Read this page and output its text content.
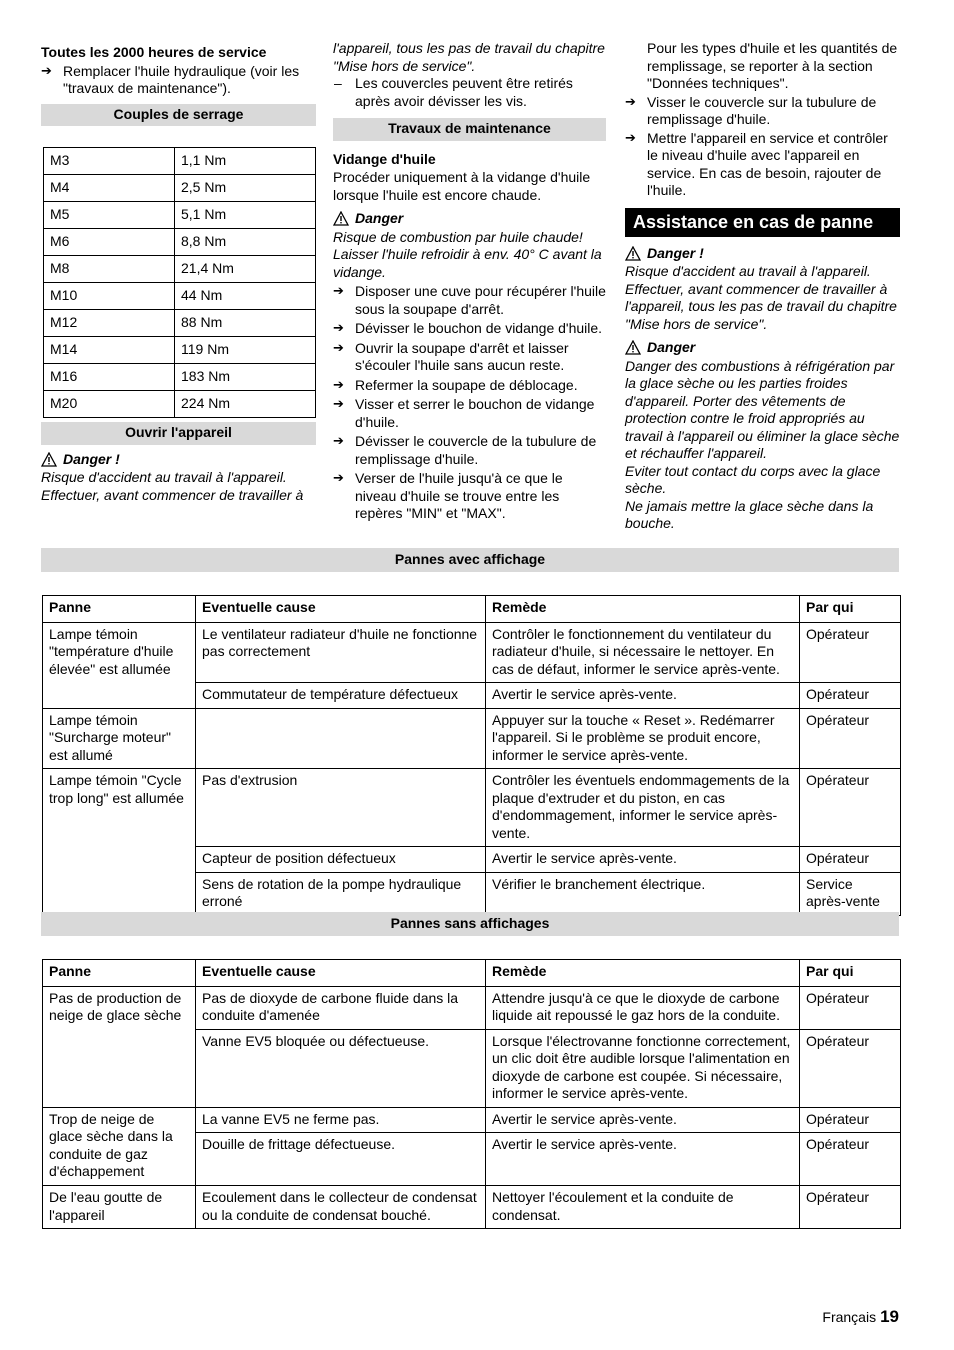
Toutes les 2000 heures de service

➔ Remplacer l'huile hydraulique (voir les "travaux de maintenance").

Couples de serrage
M3	1,1 Nm
M4	2,5 Nm
M5	5,1 Nm
M6	8,8 Nm
M8	21,4 Nm
M10	44 Nm
M12	88 Nm
M14	119 Nm
M16	183 Nm
M20	224 Nm
Ouvrir l'appareil
Danger !

Risque d'accident au travail à l'appareil. Effectuer, avant commencer de travailler à

l'appareil, tous les pas de travail du chapitre "Mise hors de service".

– Les couvercles peuvent être retirés après avoir dévisser les vis.

Travaux de maintenance

Vidange d'huile

Procéder uniquement à la vidange d'huile lorsque l'huile est encore chaude.

Danger

Risque de combustion par huile chaude! Laisser l'huile refroidir à env. 40° C avant la vidange.

➔ Disposer une cuve pour récupérer l'huile sous la soupape d'arrêt.

➔ Dévisser le bouchon de vidange d'huile.

➔ Ouvrir la soupape d'arrêt et laisser s'écouler l'huile sans aucun reste.

➔ Refermer la soupape de déblocage.

➔ Visser et serrer le bouchon de vidange d'huile.

➔ Dévisser le couvercle de la tubulure de remplissage d'huile.

➔ Verser de l'huile jusqu'à ce que le niveau d'huile se trouve entre les repères "MIN" et "MAX".

Pour les types d'huile et les quantités de remplissage, se reporter à la section "Données techniques".

➔ Visser le couvercle sur la tubulure de remplissage d'huile.

➔ Mettre l'appareil en service et contrôler le niveau d'huile avec l'appareil en service. En cas de besoin, rajouter de l'huile.

Assistance en cas de panne
Danger !

Risque d'accident au travail à l'appareil. Effectuer, avant commencer de travailler à l'appareil, tous les pas de travail du chapitre "Mise hors de service".

Danger

Danger des combustions à réfrigération par la glace sèche ou les parties froides d'appareil. Porter des vêtements de protection contre le froid appropriés au travail à l'appareil ou éliminer la glace sèche et réchauffer l'appareil.

Eviter tout contact du corps avec la glace sèche.

Ne jamais mettre la glace sèche dans la bouche.

Pannes avec affichage
Panne	Eventuelle cause	Remède	Par qui
Lampe témoin "température d'huile élevée" est allumée	Le ventilateur radiateur d'huile ne fonctionne pas correctement	Contrôler le fonctionnement du ventilateur du radiateur d'huile, si nécessaire le nettoyer. En cas de défaut, informer le service après-vente.	Opérateur
	Commutateur de température défectueux	Avertir le service après-vente.	Opérateur
Lampe témoin "Surcharge moteur" est allumé		Appuyer sur la touche « Reset ». Redémarrer l'appareil. Si le problème se produit encore, informer le service après-vente.	Opérateur
Lampe témoin "Cycle trop long" est allumée	Pas d'extrusion	Contrôler les éventuels endommagements de la plaque d'extruder et du piston, en cas d'endommagement, informer le service après-vente.	Opérateur
	Capteur de position défectueux	Avertir le service après-vente.	Opérateur
	Sens de rotation de la pompe hydraulique erroné	Vérifier le branchement électrique.	Service après-vente
Pannes sans affichages
Panne	Eventuelle cause	Remède	Par qui
Pas de production de neige de glace sèche	Pas de dioxyde de carbone fluide dans la conduite d'amenée	Attendre jusqu'à ce que le dioxyde de carbone liquide ait repoussé le gaz hors de la conduite.	Opérateur
	Vanne EV5 bloquée ou défectueuse.	Lorsque l'électrovanne fonctionne correctement, un clic doit être audible lorsque l'alimentation en dioxyde de carbone est coupée. Si nécessaire, informer le service après-vente.	Opérateur
Trop de neige de glace sèche dans la conduite de gaz d'échappement	La vanne EV5 ne ferme pas.	Avertir le service après-vente.	Opérateur
	Douille de frittage défectueuse.	Avertir le service après-vente.	Opérateur
De l'eau goutte de l'appareil	Ecoulement dans le collecteur de condensat ou la conduite de condensat bouché.	Nettoyer l'écoulement et la conduite de condensat.	Opérateur
Français 19
